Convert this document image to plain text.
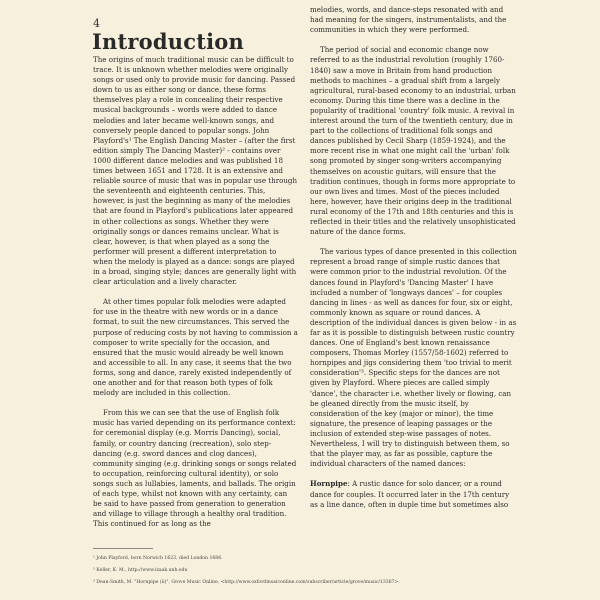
4
Introduction

The origins of much traditional music can be difficult to trace. It is unknown whether melodies were originally songs or used only to provide music for dancing. Passed down to us as either song or dance, these forms themselves play a role in concealing their respective musical backgrounds – words were added to dance melodies and later became well-known songs, and conversely people danced to popular songs. John Playford's¹ The English Dancing Master – (after the first edition simply The Dancing Master)² - contains over 1000 different dance melodies and was published 18 times between 1651 and 1728. It is an extensive and reliable source of music that was in popular use through the seventeenth and eighteenth centuries. This, however, is just the beginning as many of the melodies that are found in Playford's publications later appeared in other collections as songs. Whether they were originally songs or dances remains unclear. What is clear, however, is that when played as a song the performer will present a different interpretation to when the melody is played as a dance: songs are played in a broad, singing style; dances are generally light with clear articulation and a lively character.

At other times popular folk melodies were adapted for use in the theatre with new words or in a dance format, to suit the new circumstances. This served the purpose of reducing costs by not having to commission a composer to write specially for the occasion, and ensured that the music would already be well known and accessible to all. In any case, it seems that the two forms, song and dance, rarely existed independently of one another and for that reason both types of folk melody are included in this collection.

From this we can see that the use of English folk music has varied depending on its performance context: for ceremonial display (e.g. Morris Dancing), social, family, or country dancing (recreation), solo step-dancing (e.g. sword dances and clog dances), community singing (e.g. drinking songs or songs related to occupation, reinforcing cultural identity), or solo songs such as lullabies, laments, and ballads. The origin of each type, whilst not known with any certainty, can be said to have passed from generation to generation and village to village through a healthy oral tradition. This continued for as long as the

melodies, words, and dance-steps resonated with and had meaning for the singers, instrumentalists, and the communities in which they were performed.

The period of social and economic change now referred to as the industrial revolution (roughly 1760-1840) saw a move in Britain from hand production methods to machines – a gradual shift from a largely agricultural, rural-based economy to an industrial, urban economy. During this time there was a decline in the popularity of traditional 'country' folk music. A revival in interest around the turn of the twentieth century, due in part to the collections of traditional folk songs and dances published by Cecil Sharp (1859-1924), and the more recent rise in what one might call the 'urban' folk song promoted by singer song-writers accompanying themselves on acoustic guitars, will ensure that the tradition continues, though in forms more appropriate to our own lives and times. Most of the pieces included here, however, have their origins deep in the traditional rural economy of the 17th and 18th centuries and this is reflected in their titles and the relatively unsophisticated nature of the dance forms.

The various types of dance presented in this collection represent a broad range of simple rustic dances that were common prior to the industrial revolution. Of the dances found in Playford's 'Dancing Master' I have included a number of 'longways dances' – for couples dancing in lines - as well as dances for four, six or eight, commonly known as square or round dances. A description of the individual dances is given below - in as far as it is possible to distinguish between rustic country dances. One of England's best known renaissance composers, Thomas Morley (1557/58-1602) referred to hornpipes and jigs considering them 'too trivial to merit consideration'³. Specific steps for the dances are not given by Playford. Where pieces are called simply 'dance', the character i.e. whether lively or flowing, can be gleaned directly from the music itself, by consideration of the key (major or minor), the time signature, the presence of leaping passages or the inclusion of extended step-wise passages of notes. Nevertheless, I will try to distinguish between them, so that the player may, as far as possible, capture the individual characters of the named dances:

Hornpipe: A rustic dance for solo dancer, or a round dance for couples. It occurred later in the 17th century as a line dance, often in duple time but sometimes also

¹ John Playford, born Norwich 1623, died London 1686.
² Keller, K. M., http://www.izaak.unh.edu
³ Dean-Smith, M. "Hornpipe (ii)", Grove Music Online, <http://www.oxfordmusiconline.com/subscriber/article/grove/music/13367>.
